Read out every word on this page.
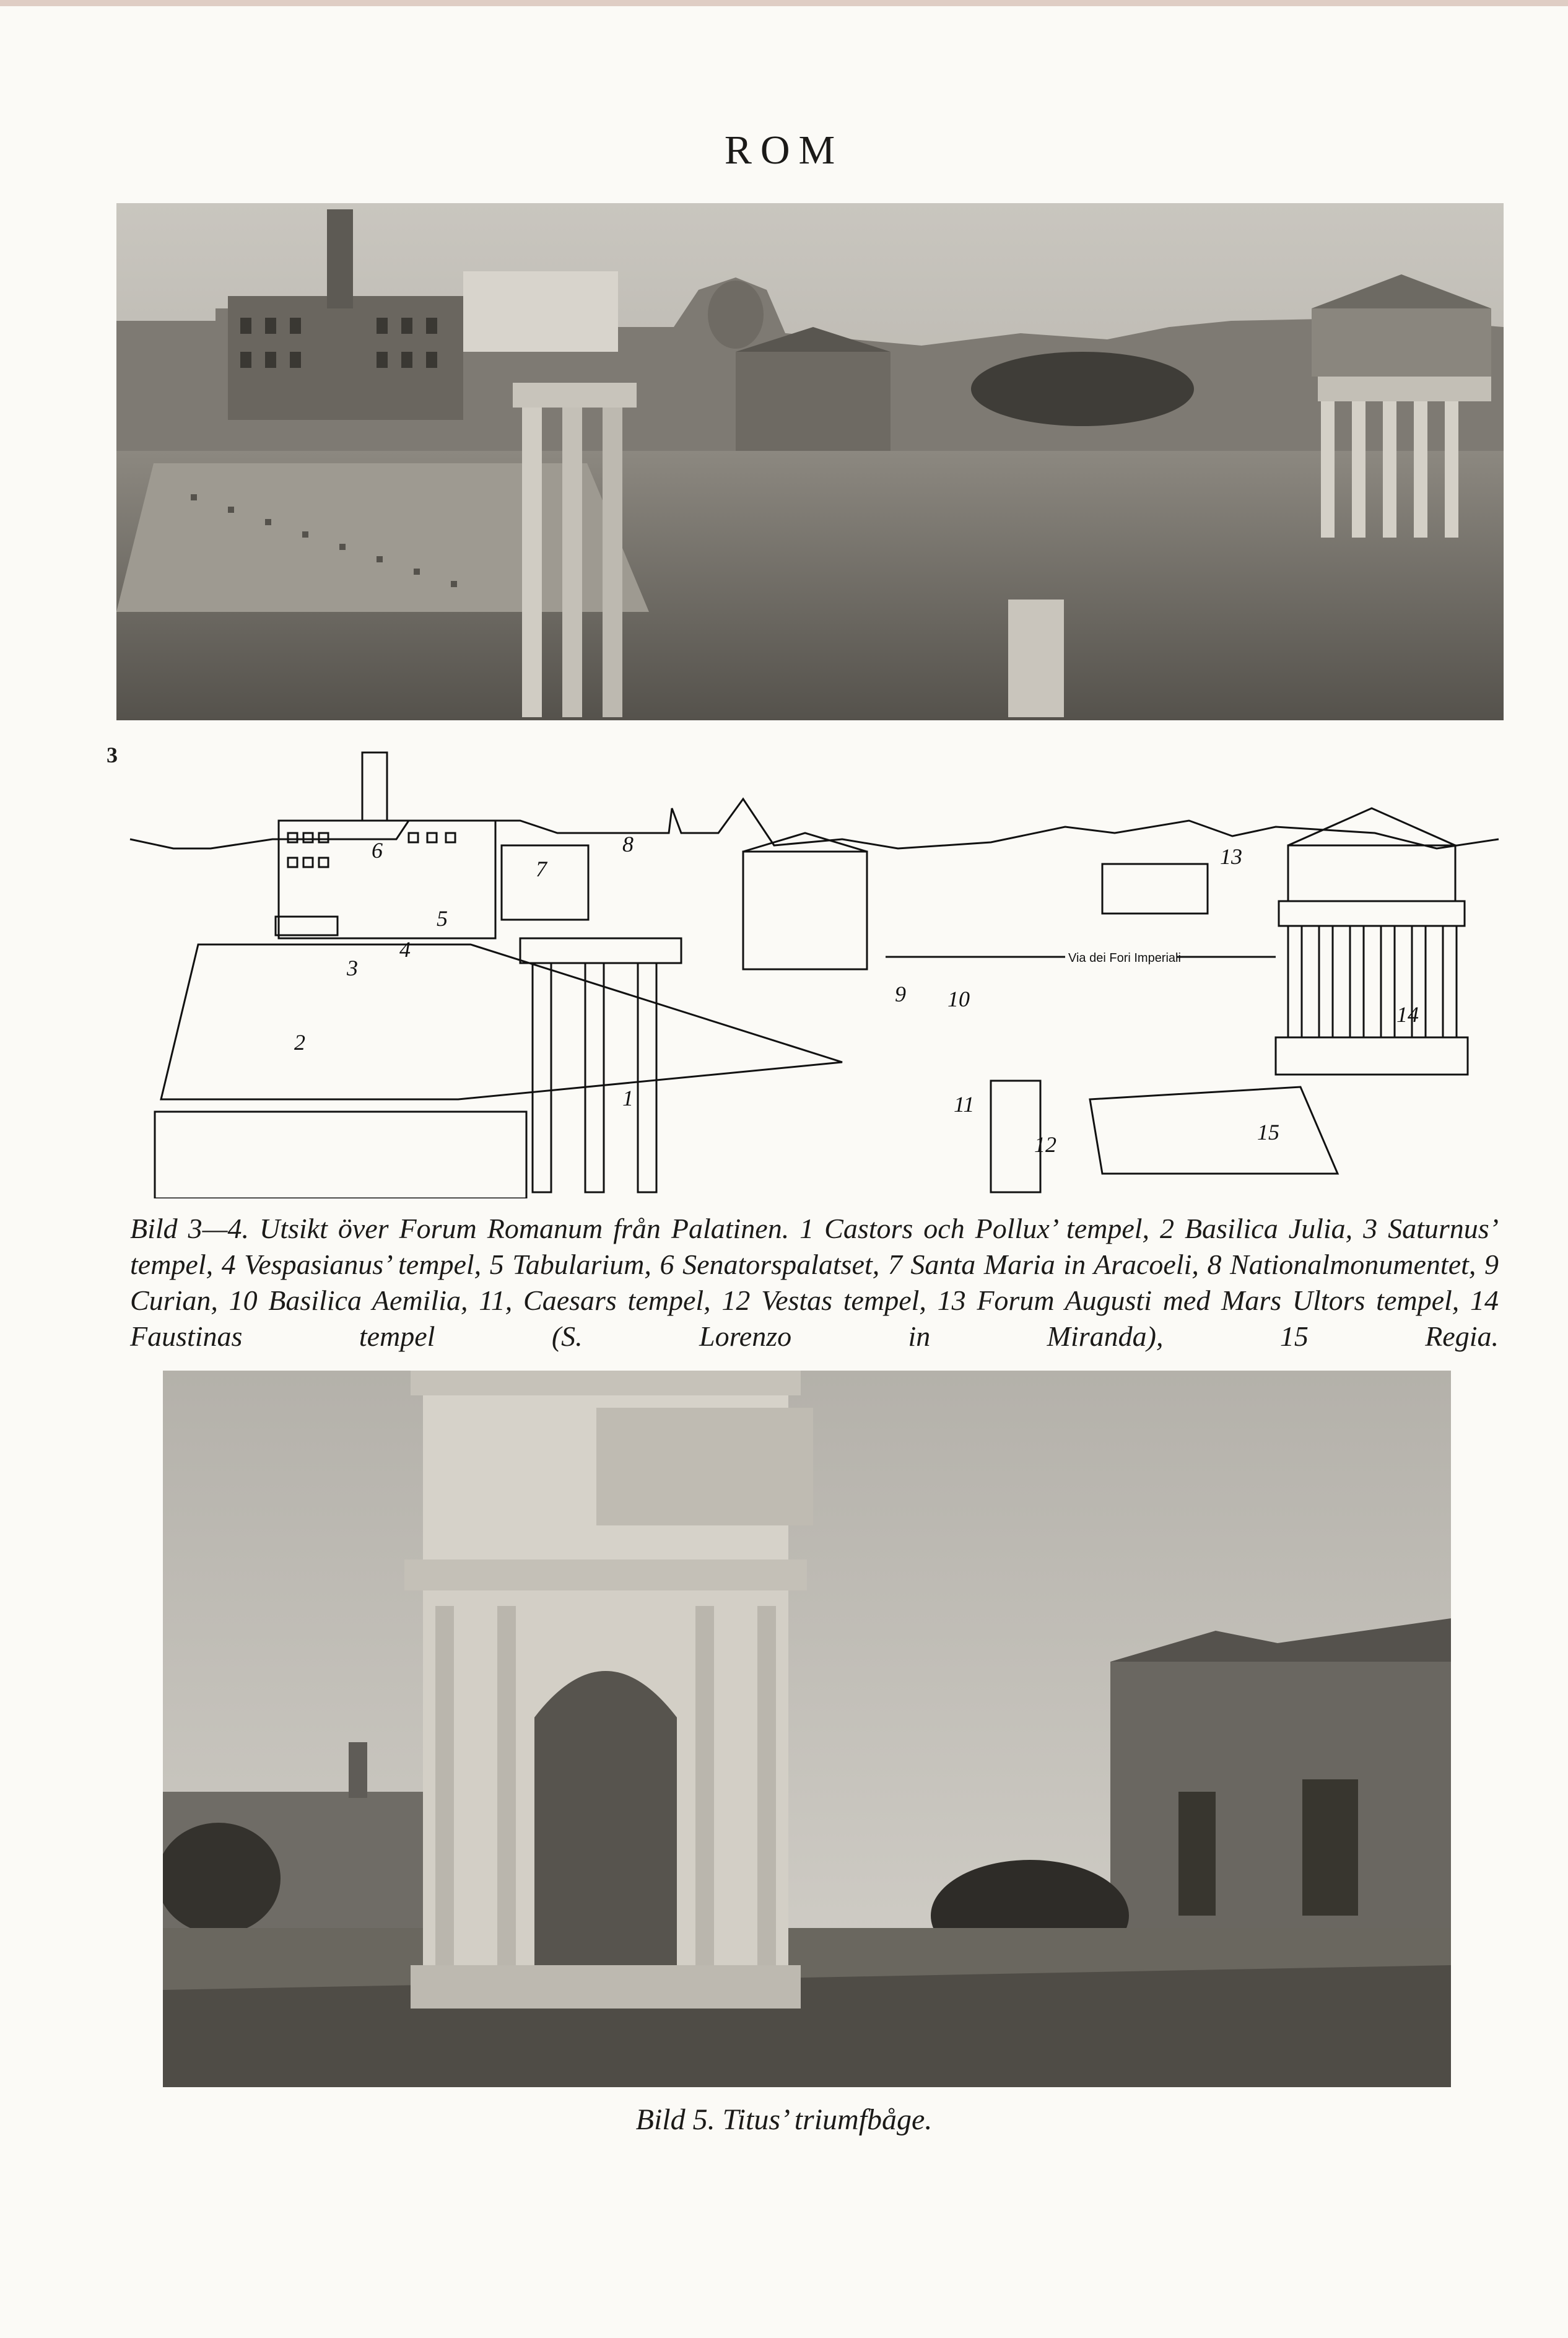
ROM
3
9
1
2
3
4
5
6
7
8
10
11
12
13
14
15
Via dei Fori Imperiali
Bild 3—4. Utsikt över Forum Romanum från Palatinen. 1 Castors och Pollux’ tempel, 2 Basilica Julia, 3 Saturnus’ tempel, 4 Vespasianus’ tempel, 5 Tabularium, 6 Senatorspalatset, 7 Santa Maria in Aracoeli, 8 Nationalmonumentet, 9 Curian, 10 Basilica Aemilia, 11, Caesars tempel, 12 Vestas tempel, 13 Forum Augusti med Mars Ultors tempel, 14 Faustinas tempel (S. Lorenzo in Miranda), 15 Regia.
Bild 5. Titus’ triumfbåge.
